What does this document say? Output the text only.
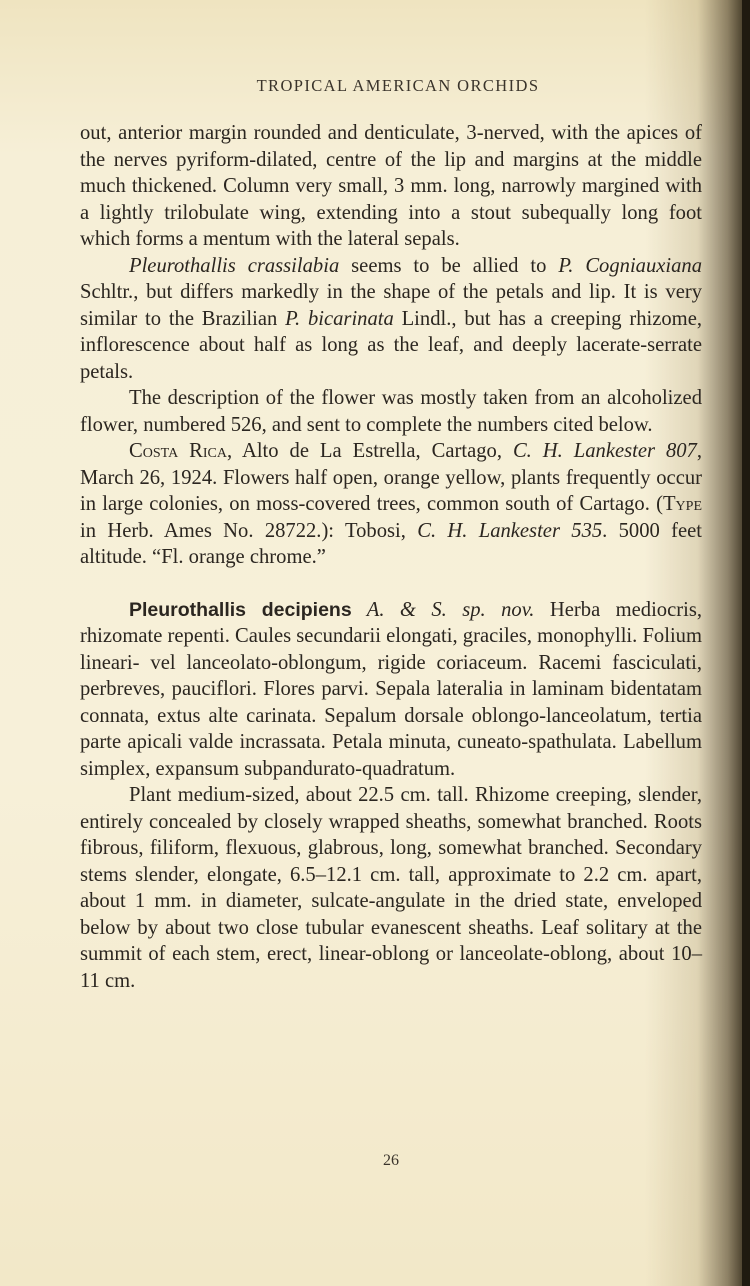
TROPICAL AMERICAN ORCHIDS

out, anterior margin rounded and denticulate, 3-nerved, with the apices of the nerves pyriform-dilated, centre of the lip and margins at the middle much thickened. Column very small, 3 mm. long, narrowly margined with a lightly trilobulate wing, extending into a stout subequally long foot which forms a mentum with the lateral sepals.

Pleurothallis crassilabia seems to be allied to P. Cogniauxiana Schltr., but differs markedly in the shape of the petals and lip. It is very similar to the Brazilian P. bicarinata Lindl., but has a creeping rhizome, inflorescence about half as long as the leaf, and deeply lacerate-serrate petals.

The description of the flower was mostly taken from an alcoholized flower, numbered 526, and sent to complete the numbers cited below.

Costa Rica, Alto de La Estrella, Cartago, C. H. Lankester 807, March 26, 1924. Flowers half open, orange yellow, plants frequently occur in large colonies, on moss-covered trees, common south of Cartago. (Type in Herb. Ames No. 28722.): Tobosi, C. H. Lankester 535. 5000 feet altitude. “Fl. orange chrome.”

Pleurothallis decipiens A. & S. sp. nov. Herba mediocris, rhizomate repenti. Caules secundarii elongati, graciles, monophylli. Folium lineari- vel lanceolato-oblongum, rigide coriaceum. Racemi fasciculati, perbreves, pauciflori. Flores parvi. Sepala lateralia in laminam bidentatam connata, extus alte carinata. Sepalum dorsale oblongo-lanceolatum, tertia parte apicali valde incrassata. Petala minuta, cuneato-spathulata. Labellum simplex, expansum subpandurato-quadratum.

Plant medium-sized, about 22.5 cm. tall. Rhizome creeping, slender, entirely concealed by closely wrapped sheaths, somewhat branched. Roots fibrous, filiform, flexuous, glabrous, long, somewhat branched. Secondary stems slender, elongate, 6.5–12.1 cm. tall, approximate to 2.2 cm. apart, about 1 mm. in diameter, sulcate-angulate in the dried state, enveloped below by about two close tubular evanescent sheaths. Leaf solitary at the summit of each stem, erect, linear-oblong or lanceolate-oblong, about 10–11 cm.

26
